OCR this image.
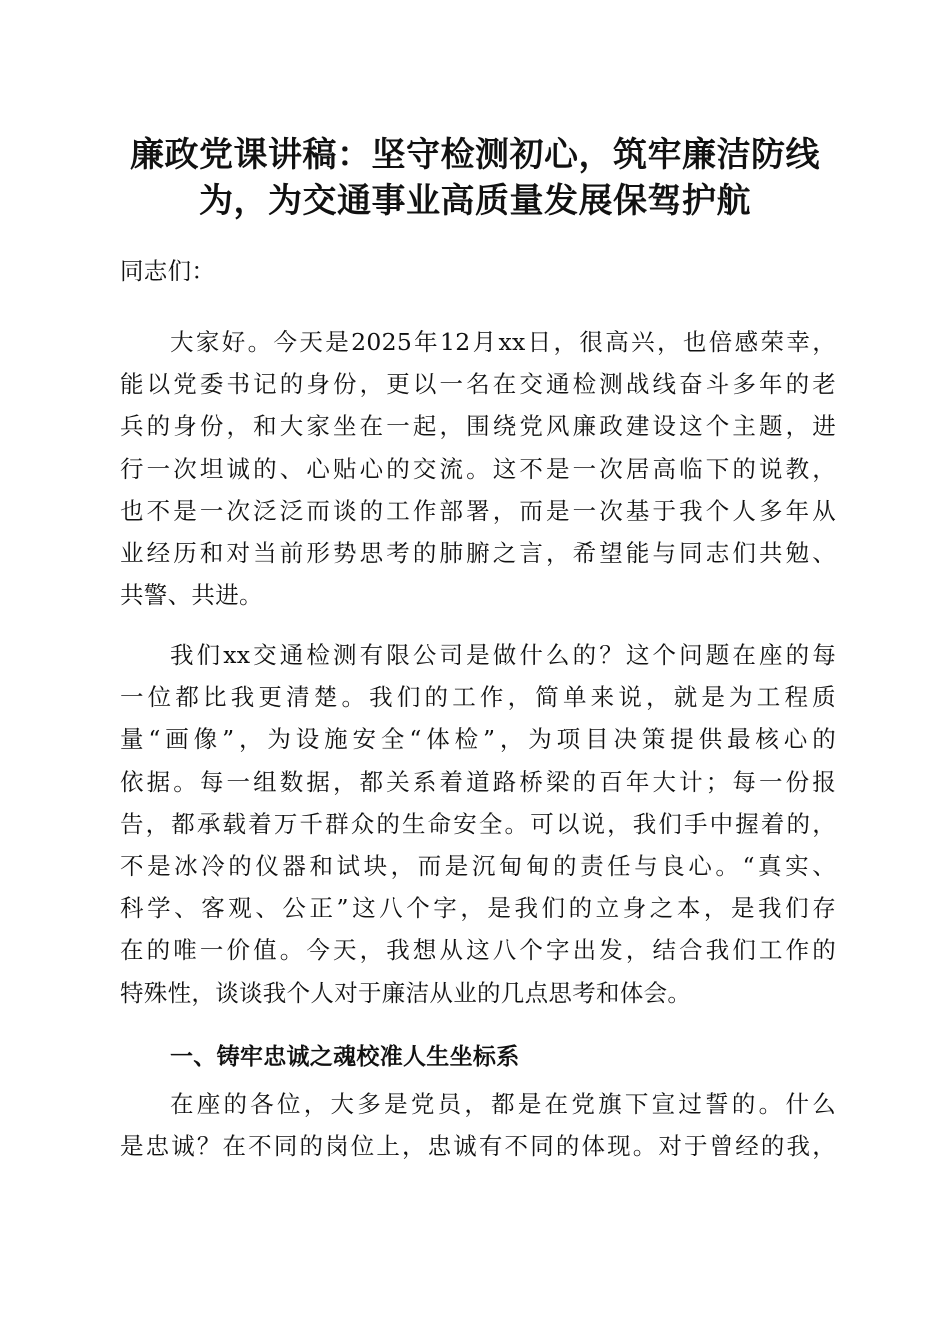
廉政党课讲稿：坚守检测初心，筑牢廉洁防线
为，为交通事业高质量发展保驾护航
同志们：
大家好。今天是2025年12月xx日，很高兴，也倍感荣幸，
能以党委书记的身份，更以一名在交通检测战线奋斗多年的老
兵的身份，和大家坐在一起，围绕党风廉政建设这个主题，进
行一次坦诚的、心贴心的交流。这不是一次居高临下的说教，
也不是一次泛泛而谈的工作部署，而是一次基于我个人多年从
业经历和对当前形势思考的肺腑之言，希望能与同志们共勉、
共警、共进。
我们xx交通检测有限公司是做什么的？这个问题在座的每
一位都比我更清楚。我们的工作，简单来说，就是为工程质
量“画像”，为设施安全“体检”，为项目决策提供最核心的
依据。每一组数据，都关系着道路桥梁的百年大计；每一份报
告，都承载着万千群众的生命安全。可以说，我们手中握着的，
不是冰冷的仪器和试块，而是沉甸甸的责任与良心。“真实、
科学、客观、公正”这八个字，是我们的立身之本，是我们存
在的唯一价值。今天，我想从这八个字出发，结合我们工作的
特殊性，谈谈我个人对于廉洁从业的几点思考和体会。
一、铸牢忠诚之魂校准人生坐标系
在座的各位，大多是党员，都是在党旗下宣过誓的。什么
是忠诚？在不同的岗位上，忠诚有不同的体现。对于曾经的我，
